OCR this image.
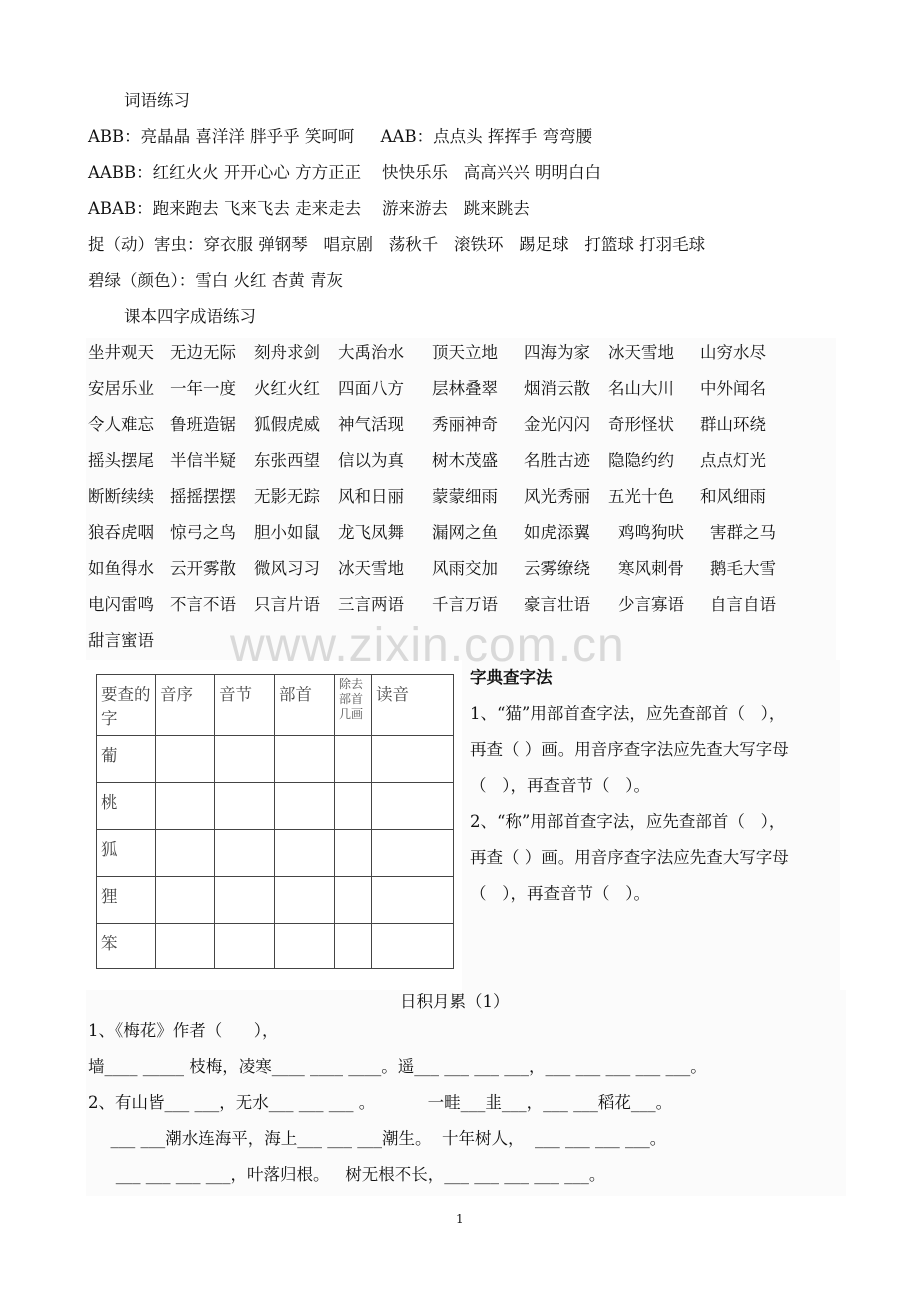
词语练习
ABB：亮晶晶 喜洋洋 胖乎乎 笑呵呵     AAB：点点头 挥挥手 弯弯腰
AABB：红红火火 开开心心 方方正正    快快乐乐   高高兴兴 明明白白
ABAB：跑来跑去 飞来飞去 走来走去    游来游去   跳来跳去
捉（动）害虫：穿衣服 弹钢琴   唱京剧   荡秋千   滚铁环   踢足球   打篮球 打羽毛球
碧绿（颜色）：雪白 火红 杏黄 青灰
课本四字成语练习
坐井观天 无边无际 刻舟求剑 大禹治水 顶天立地 四海为家 冰天雪地 山穷水尽
安居乐业 一年一度 火红火红 四面八方 层林叠翠 烟消云散 名山大川 中外闻名
令人难忘 鲁班造锯 狐假虎威 神气活现 秀丽神奇 金光闪闪 奇形怪状 群山环绕
摇头摆尾 半信半疑 东张西望 信以为真 树木茂盛 名胜古迹 隐隐约约 点点灯光
断断续续 摇摇摆摆 无影无踪 风和日丽 蒙蒙细雨 风光秀丽 五光十色 和风细雨
狼吞虎咽 惊弓之鸟 胆小如鼠 龙飞凤舞 漏网之鱼 如虎添翼 鸡鸣狗吠 害群之马
如鱼得水 云开雾散 微风习习 冰天雪地 风雨交加 云雾缭绕 寒风刺骨 鹅毛大雪
电闪雷鸣 不言不语 只言片语 三言两语 千言万语 豪言壮语 少言寡语 自言自语
甜言蜜语 www.zixin.com.cn
要查的字	音序	音节	部首	除去部首几画	读音
葡					
桃					
狐					
狸					
笨					
字典查字法
1、“猫”用部首查字法，应先查部首（   ），
再查（ ）画。用音序查字法应先查大写字母
（   ），再查音节（   ）。
2、“称”用部首查字法，应先查部首（   ），
再查（ ）画。用音序查字法应先查大写字母
（   ），再查音节（   ）。
日积月累（1）
1、《梅花》作者（      ），
墙____ _____ 枝梅，凌寒____ ____ ____。遥___ ___ ___ ___，___ ___ ___ ___ ___。
2、有山皆___ ___，无水___ ___ ___ 。          一畦___韭___，___ ___稻花___。
___ ___潮水连海平，海上___ ___ ___潮生。  十年树人，  ___ ___ ___ ___。
___ ___ ___ ___，叶落归根。   树无根不长，___ ___ ___ ___ ___。
1
